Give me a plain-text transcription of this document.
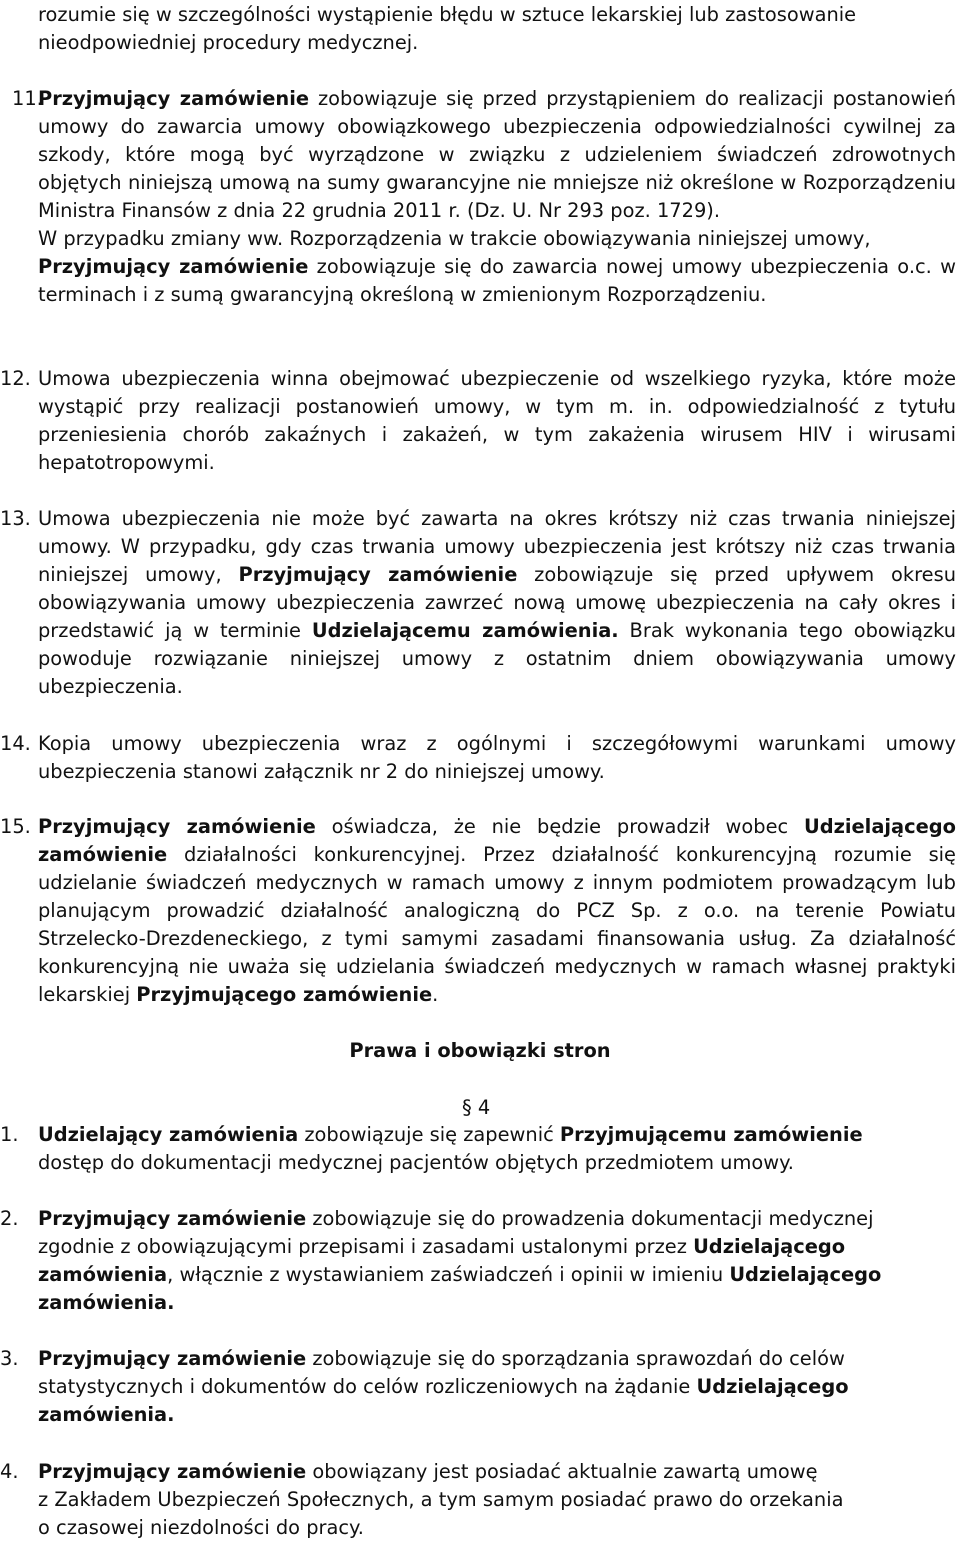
rozumie się w szczególności wystąpienie błędu w sztuce lekarskiej lub zastosowanie
nieodpowiedniej procedury medycznej.
11.
Przyjmujący zamówienie zobowiązuje się przed przystąpieniem do realizacji postanowień umowy do zawarcia umowy obowiązkowego ubezpieczenia odpowiedzialności cywilnej za szkody, które mogą być wyrządzone w związku z udzieleniem świadczeń zdrowotnych objętych niniejszą umową na sumy gwarancyjne nie mniejsze niż określone w Rozporządzeniu Ministra Finansów z dnia 22 grudnia 2011 r. (Dz. U. Nr 293 poz. 1729).
W przypadku zmiany ww. Rozporządzenia w trakcie obowiązywania niniejszej umowy,
Przyjmujący zamówienie zobowiązuje się do zawarcia nowej umowy ubezpieczenia o.c. w terminach i z sumą gwarancyjną określoną w zmienionym Rozporządzeniu.
12. Umowa ubezpieczenia winna obejmować ubezpieczenie od wszelkiego ryzyka, które może wystąpić przy realizacji postanowień umowy, w tym m. in. odpowiedzialność z tytułu przeniesienia chorób zakaźnych i zakażeń, w tym zakażenia wirusem HIV i wirusami hepatotropowymi.
13. Umowa ubezpieczenia nie może być zawarta na okres krótszy niż czas trwania niniejszej umowy. W przypadku, gdy czas trwania umowy ubezpieczenia jest krótszy niż czas trwania niniejszej umowy, Przyjmujący zamówienie zobowiązuje się przed upływem okresu obowiązywania umowy ubezpieczenia zawrzeć nową umowę ubezpieczenia na cały okres i przedstawić ją w terminie Udzielającemu zamówienia. Brak wykonania tego obowiązku powoduje rozwiązanie niniejszej umowy z ostatnim dniem obowiązywania umowy ubezpieczenia.
14. Kopia umowy ubezpieczenia wraz z ogólnymi i szczegółowymi warunkami umowy ubezpieczenia stanowi załącznik nr 2 do niniejszej umowy.
15. Przyjmujący zamówienie oświadcza, że nie będzie prowadził wobec Udzielającego zamówienie działalności konkurencyjnej. Przez działalność konkurencyjną rozumie się udzielanie świadczeń medycznych w ramach umowy z innym podmiotem prowadzącym lub planującym prowadzić działalność analogiczną do PCZ Sp. z o.o. na terenie Powiatu Strzelecko-Drezdeneckiego, z tymi samymi zasadami finansowania usług. Za działalność konkurencyjną nie uważa się udzielania świadczeń medycznych w ramach własnej praktyki lekarskiej Przyjmującego zamówienie.
Prawa i obowiązki stron
§ 4
1. Udzielający zamówienia zobowiązuje się zapewnić Przyjmującemu zamówienie
dostęp do dokumentacji medycznej pacjentów objętych przedmiotem umowy.
2. Przyjmujący zamówienie zobowiązuje się do prowadzenia dokumentacji medycznej
zgodnie z obowiązującymi przepisami i zasadami ustalonymi przez Udzielającego
zamówienia, włącznie z wystawianiem zaświadczeń i opinii w imieniu Udzielającego
zamówienia.
3. Przyjmujący zamówienie zobowiązuje się do sporządzania sprawozdań do celów
statystycznych i dokumentów do celów rozliczeniowych na żądanie Udzielającego
zamówienia.
4. Przyjmujący zamówienie obowiązany jest posiadać aktualnie zawartą umowę
z Zakładem Ubezpieczeń Społecznych, a tym samym posiadać prawo do orzekania
o czasowej niezdolności do pracy.
